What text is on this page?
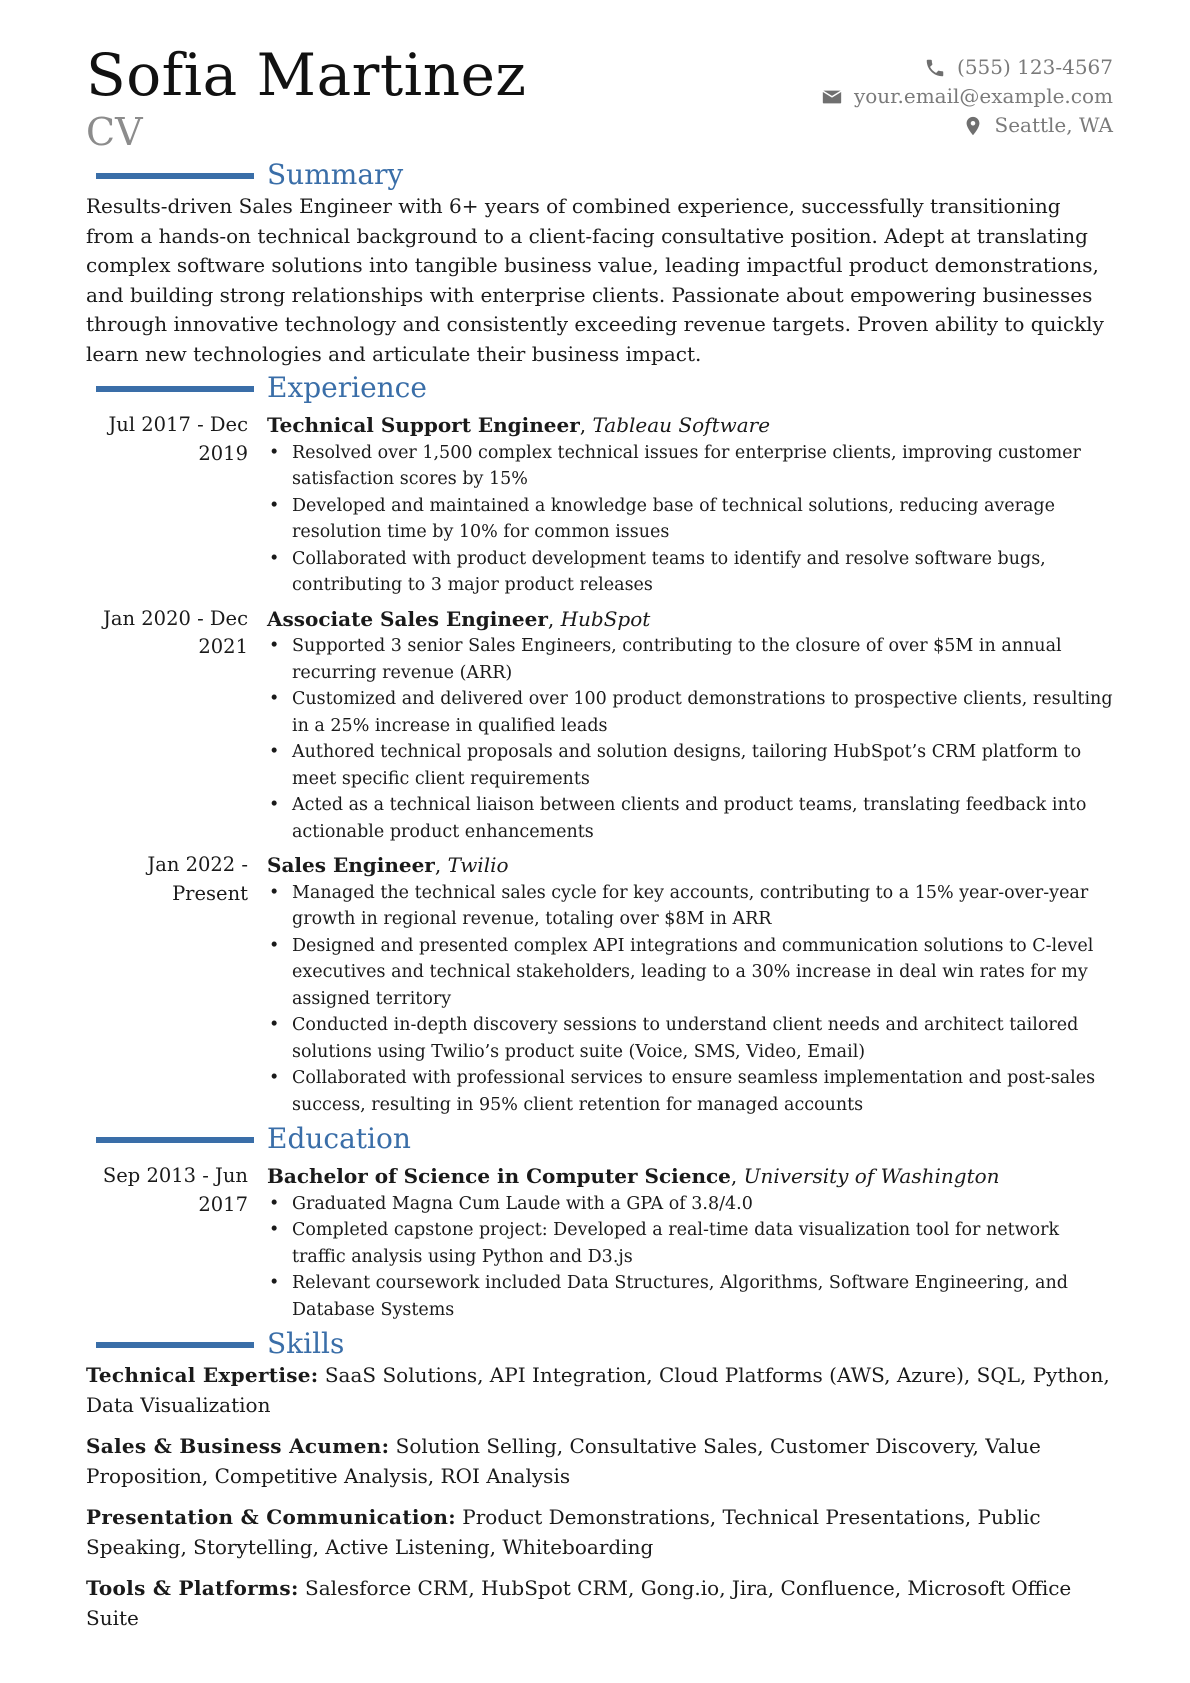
Sofia Martinez
CV
(555) 123-4567
your.email@example.com
Seattle, WA
Summary

Results-driven Sales Engineer with 6+ years of combined experience, successfully transitioning from a hands-on technical background to a client-facing consultative position. Adept at translating complex software solutions into tangible business value, leading impactful product demonstrations, and building strong relationships with enterprise clients. Passionate about empowering businesses through innovative technology and consistently exceeding revenue targets. Proven ability to quickly learn new technologies and articulate their business impact.

Experience
Jul 2017 - Dec 2019
Technical Support Engineer, Tableau Software
• Resolved over 1,500 complex technical issues for enterprise clients, improving customer satisfaction scores by 15%
• Developed and maintained a knowledge base of technical solutions, reducing average resolution time by 10% for common issues
• Collaborated with product development teams to identify and resolve software bugs, contributing to 3 major product releases
Jan 2020 - Dec 2021
Associate Sales Engineer, HubSpot
• Supported 3 senior Sales Engineers, contributing to the closure of over $5M in annual recurring revenue (ARR)
• Customized and delivered over 100 product demonstrations to prospective clients, resulting in a 25% increase in qualified leads
• Authored technical proposals and solution designs, tailoring HubSpot’s CRM platform to meet specific client requirements
• Acted as a technical liaison between clients and product teams, translating feedback into actionable product enhancements
Jan 2022 - Present
Sales Engineer, Twilio
• Managed the technical sales cycle for key accounts, contributing to a 15% year-over-year growth in regional revenue, totaling over $8M in ARR
• Designed and presented complex API integrations and communication solutions to C-level executives and technical stakeholders, leading to a 30% increase in deal win rates for my assigned territory
• Conducted in-depth discovery sessions to understand client needs and architect tailored solutions using Twilio’s product suite (Voice, SMS, Video, Email)
• Collaborated with professional services to ensure seamless implementation and post-sales success, resulting in 95% client retention for managed accounts
Education
Sep 2013 - Jun 2017
Bachelor of Science in Computer Science, University of Washington
• Graduated Magna Cum Laude with a GPA of 3.8/4.0
• Completed capstone project: Developed a real-time data visualization tool for network traffic analysis using Python and D3.js
• Relevant coursework included Data Structures, Algorithms, Software Engineering, and Database Systems
Skills

Technical Expertise: SaaS Solutions, API Integration, Cloud Platforms (AWS, Azure), SQL, Python, Data Visualization

Sales & Business Acumen: Solution Selling, Consultative Sales, Customer Discovery, Value Proposition, Competitive Analysis, ROI Analysis

Presentation & Communication: Product Demonstrations, Technical Presentations, Public Speaking, Storytelling, Active Listening, Whiteboarding

Tools & Platforms: Salesforce CRM, HubSpot CRM, Gong.io, Jira, Confluence, Microsoft Office Suite
